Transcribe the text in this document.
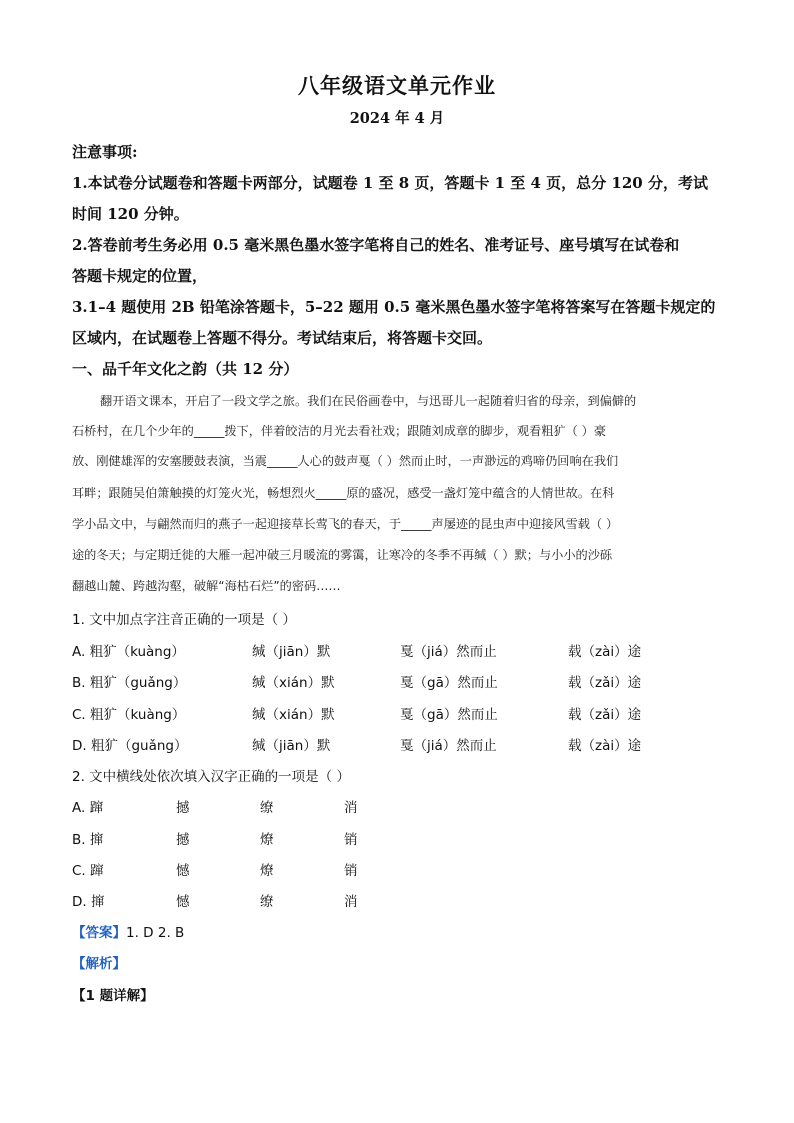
八年级语文单元作业
2024 年 4 月
注意事项:
1.本试卷分试题卷和答题卡两部分，试题卷 1 至 8 页，答题卡 1 至 4 页，总分 120 分，考试
时间 120 分钟。
2.答卷前考生务必用 0.5 毫米黑色墨水签字笔将自己的姓名、准考证号、座号填写在试卷和
答题卡规定的位置，
3.1–4 题使用 2B 铅笔涂答题卡，5–22 题用 0.5 毫米黑色墨水签字笔将答案写在答题卡规定的
区域内，在试题卷上答题不得分。考试结束后，将答题卡交回。
一、品千年文化之韵（共 12 分）
翻开语文课本，开启了一段文学之旅。我们在民俗画卷中，与迅哥儿一起随着归省的母亲，到偏僻的
石桥村，在几个少年的_____拨下，伴着皎洁的月光去看社戏；跟随刘成章的脚步，观看粗犷（ ）豪
放、刚健雄浑的安塞腰鼓表演，当震_____人心的鼓声戛（ ）然而止时，一声渺远的鸡啼仍回响在我们
耳畔；跟随吴伯箫触摸的灯笼火光，畅想烈火_____原的盛况，感受一盏灯笼中蕴含的人情世故。在科
学小品文中，与翩然而归的燕子一起迎接草长莺飞的春天，于_____声屡迹的昆虫声中迎接风雪载（ ）
途的冬天；与定期迁徙的大雁一起冲破三月暖流的雾霭，让寒冷的冬季不再缄（ ）默；与小小的沙砾
翻越山麓、跨越沟壑，破解“海枯石烂”的密码……
1. 文中加点字注音正确的一项是（ ）
A. 粗犷（kuàng）	缄（jiān）默	戛（jiá）然而止	载（zài）途
B. 粗犷（guǎng）	缄（xián）默	戛（gā）然而止	载（zǎi）途
C. 粗犷（kuàng）	缄（xián）默	戛（gā）然而止	载（zǎi）途
D. 粗犷（guǎng）	缄（jiān）默	戛（jiá）然而止	载（zài）途
2. 文中横线处依次填入汉字正确的一项是（ ）
A. 蹿	撼	缭	消
B. 撺	撼	燎	销
C. 蹿	憾	燎	销
D. 撺	憾	缭	消
【答案】1. D 2. B
【解析】
【1 题详解】
